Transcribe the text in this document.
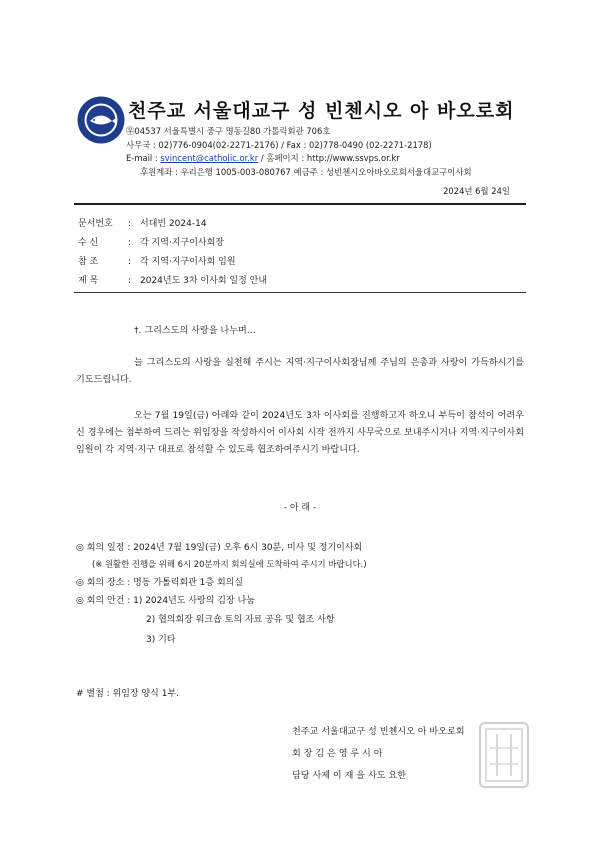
천주교 서울대교구 성 빈첸시오 아 바오로회
㉾04537 서울특별시 중구 명동길80 가톨릭회관 706호
사무국 : 02)776-0904(02-2271-2176) / Fax : 02)778-0490 (02-2271-2178)
E-mail : svincent@catholic.or.kr / 홈페이지 : http://www.ssvps.or.kr
후원계좌 : 우리은행 1005-003-080767 예금주 : 성빈첸시오아바오로회서울대교구이사회
2024년 6월 24일
문서번호 : 서대빈 2024-14
수 신	: 각 지역·지구이사회장
참 조	: 각 지역·지구이사회 임원
제 목	: 2024년도 3차 이사회 일정 안내
†. 그리스도의 사랑을 나누며…
늘 그리스도의 사랑을 실천해 주시는 지역·지구이사회장님께 주님의 은총과 사랑이 가득하시기를 기도드립니다.
오는 7월 19일(금) 아래와 같이 2024년도 3차 이사회를 진행하고자 하오니 부득이 참석이 어려우신 경우에는 첨부하여 드리는 위임장을 작성하시어 이사회 시작 전까지 사무국으로 보내주시거나 지역·지구이사회 임원이 각 지역·지구 대표로 참석할 수 있도록 협조하여주시기 바랍니다.
- 아 래 -
◎ 회의 일정 : 2024년 7월 19일(금) 오후 6시 30분, 미사 및 정기이사회
(※ 원활한 진행을 위해 6시 20분까지 회의실에 도착하여 주시기 바랍니다.)
◎ 회의 장소 : 명동 가톨릭회관 1층 회의실
◎ 회의 안건 : 1) 2024년도 사랑의 김장 나눔
2) 협의회장 워크숍 토의 자료 공유 및 협조 사항
3) 기타
# 별첨 : 위임장 양식 1부.
천주교 서울대교구 성 빈첸시오 아 바오로회
회 장 김 은 영 루 시 아
담당 사제 이 재 을 사도 요한
